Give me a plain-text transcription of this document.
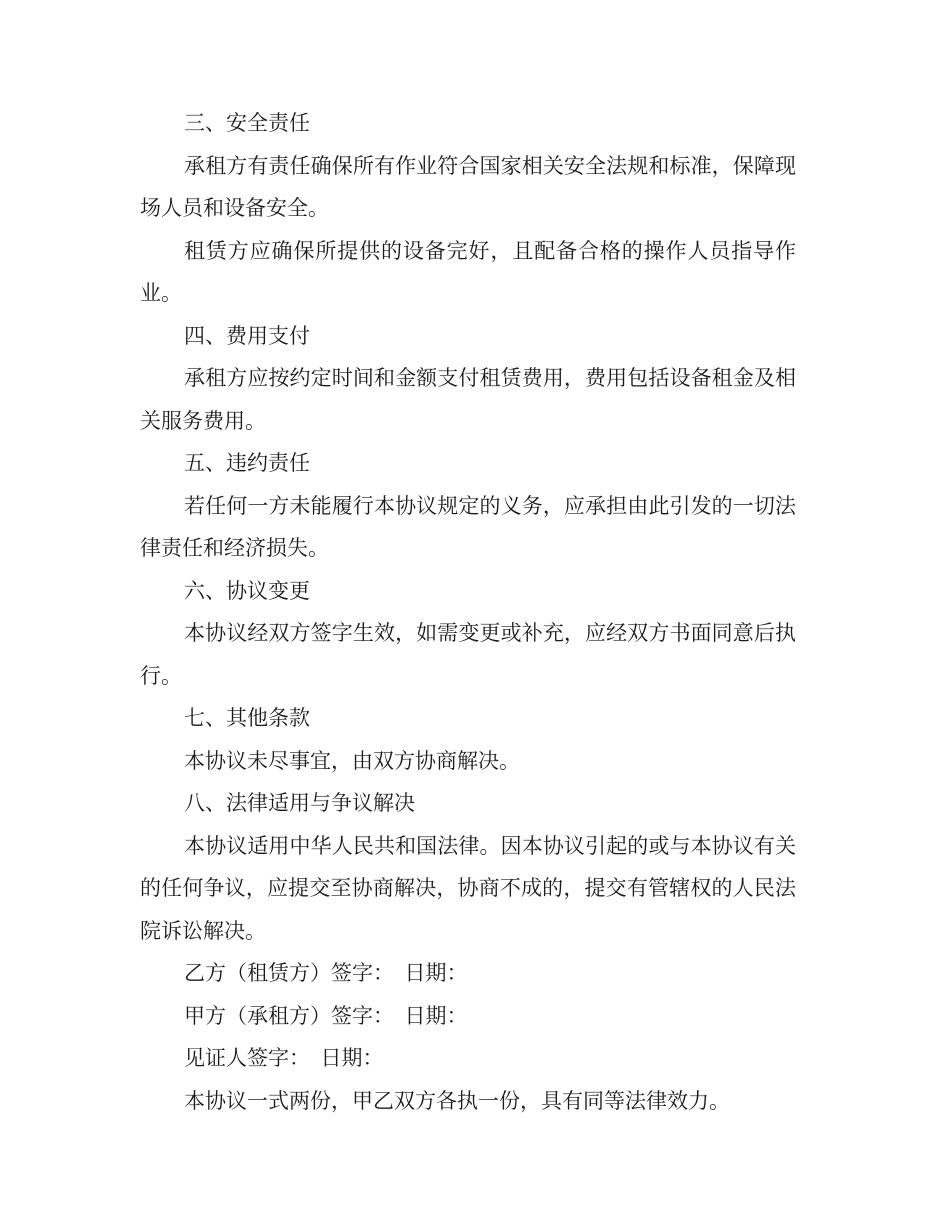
三、安全责任

承租方有责任确保所有作业符合国家相关安全法规和标准，保障现场人员和设备安全。

租赁方应确保所提供的设备完好，且配备合格的操作人员指导作业。

四、费用支付

承租方应按约定时间和金额支付租赁费用，费用包括设备租金及相关服务费用。

五、违约责任

若任何一方未能履行本协议规定的义务，应承担由此引发的一切法律责任和经济损失。

六、协议变更

本协议经双方签字生效，如需变更或补充，应经双方书面同意后执行。

七、其他条款

本协议未尽事宜，由双方协商解决。

八、法律适用与争议解决

本协议适用中华人民共和国法律。因本协议引起的或与本协议有关的任何争议，应提交至协商解决，协商不成的，提交有管辖权的人民法院诉讼解决。

乙方（租赁方）签字：　日期：

甲方（承租方）签字：　日期：

见证人签字：　日期：

本协议一式两份，甲乙双方各执一份，具有同等法律效力。
